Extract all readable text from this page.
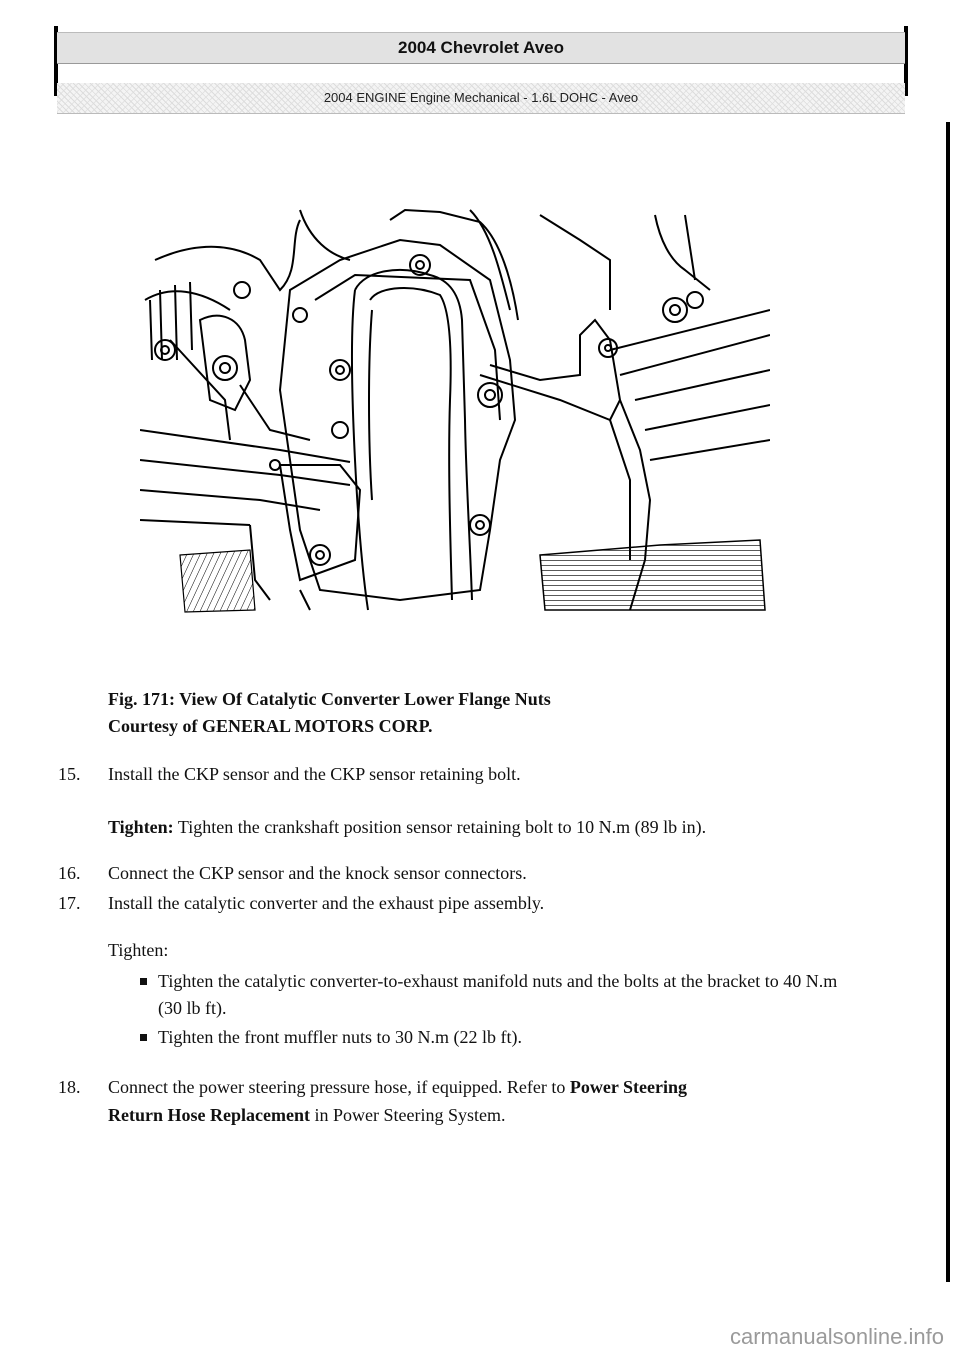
2004 Chevrolet Aveo
2004 ENGINE Engine Mechanical - 1.6L DOHC - Aveo
Fig. 171: View Of Catalytic Converter Lower Flange Nuts
Courtesy of GENERAL MOTORS CORP.
15.	Install the CKP sensor and the CKP sensor retaining bolt.
Tighten: Tighten the crankshaft position sensor retaining bolt to 10 N.m (89 lb in).
16.	Connect the CKP sensor and the knock sensor connectors.
17.	Install the catalytic converter and the exhaust pipe assembly.
Tighten:
Tighten the catalytic converter-to-exhaust manifold nuts and the bolts at the bracket to 40 N.m (30 lb ft).
Tighten the front muffler nuts to 30 N.m (22 lb ft).
18.	Connect the power steering pressure hose, if equipped. Refer to Power Steering
Return Hose Replacement in Power Steering System.
carmanualsonline.info
